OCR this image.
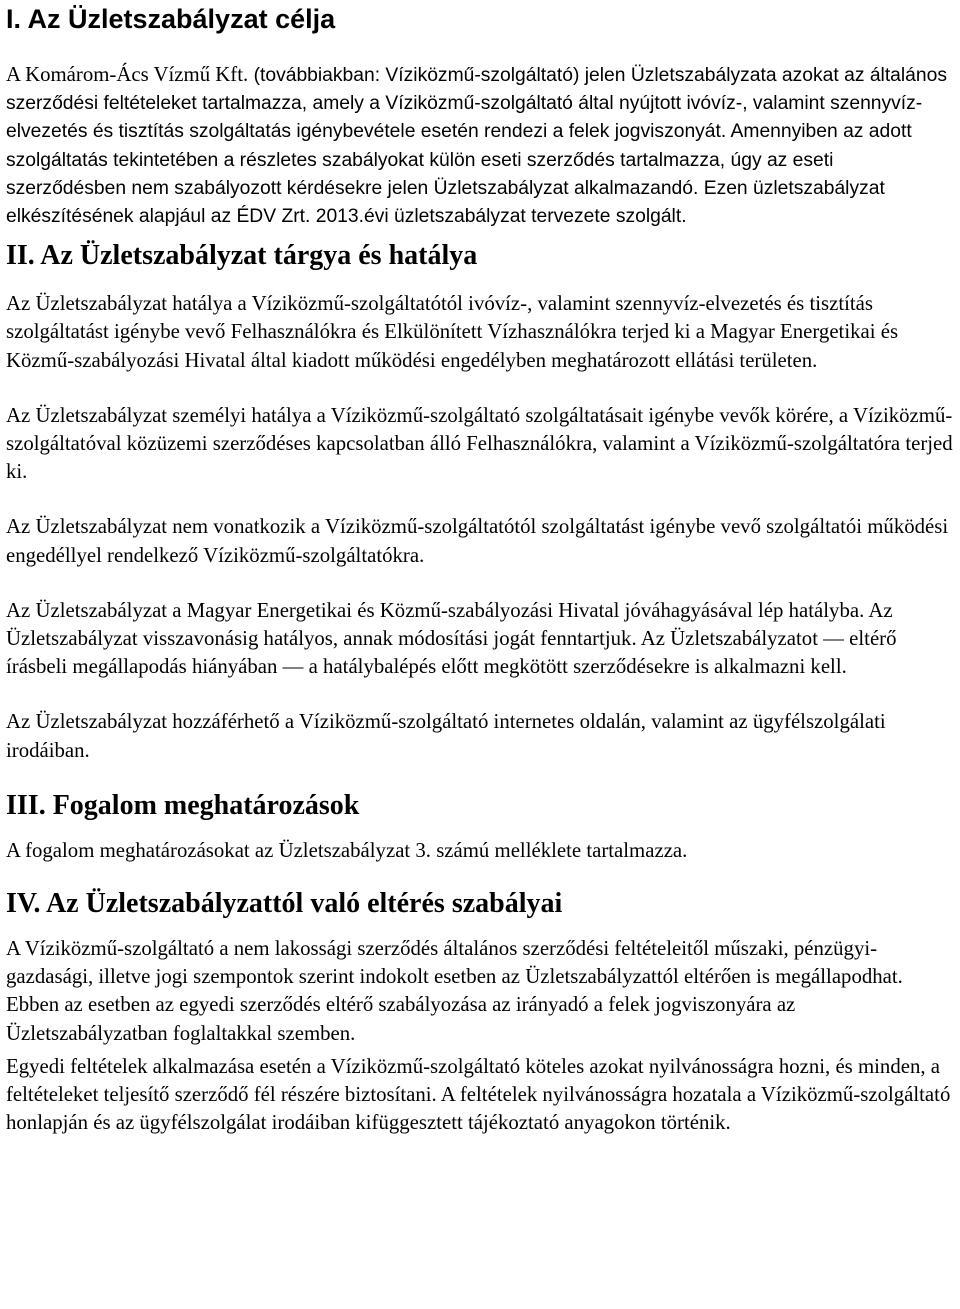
I. Az Üzletszabályzat célja

A Komárom-Ács Vízmű Kft. (továbbiakban: Víziközmű-szolgáltató) jelen Üzletszabályzata azokat az általános szerződési feltételeket tartalmazza, amely a Víziközmű-szolgáltató által nyújtott ivóvíz-, valamint szennyvíz-elvezetés és tisztítás szolgáltatás igénybevétele esetén rendezi a felek jogviszonyát. Amennyiben az adott szolgáltatás tekintetében a részletes szabályokat külön eseti szerződés tartalmazza, úgy az eseti szerződésben nem szabályozott kérdésekre jelen Üzletszabályzat alkalmazandó. Ezen üzletszabályzat elkészítésének alapjául az ÉDV Zrt. 2013.évi üzletszabályzat tervezete szolgált.

II. Az Üzletszabályzat tárgya és hatálya

Az Üzletszabályzat hatálya a Víziközmű-szolgáltatótól ivóvíz-, valamint szennyvíz-elvezetés és tisztítás szolgáltatást igénybe vevő Felhasználókra és Elkülönített Vízhasználókra terjed ki a Magyar Energetikai és Közmű-szabályozási Hivatal által kiadott működési engedélyben meghatározott ellátási területen.

Az Üzletszabályzat személyi hatálya a Víziközmű-szolgáltató szolgáltatásait igénybe vevők körére, a Víziközmű-szolgáltatóval közüzemi szerződéses kapcsolatban álló Felhasználókra, valamint a Víziközmű-szolgáltatóra terjed ki.

Az Üzletszabályzat nem vonatkozik a Víziközmű-szolgáltatótól szolgáltatást igénybe vevő szolgáltatói működési engedéllyel rendelkező Víziközmű-szolgáltatókra.

Az Üzletszabályzat a Magyar Energetikai és Közmű-szabályozási Hivatal jóváhagyásával lép hatályba. Az Üzletszabályzat visszavonásig hatályos, annak módosítási jogát fenntartjuk. Az Üzletszabályzatot ― eltérő írásbeli megállapodás hiányában ― a hatálybalépés előtt megkötött szerződésekre is alkalmazni kell.

Az Üzletszabályzat hozzáférhető a Víziközmű-szolgáltató internetes oldalán, valamint az ügyfélszolgálati irodáiban.

III. Fogalom meghatározások

A fogalom meghatározásokat az Üzletszabályzat 3. számú melléklete tartalmazza.

IV. Az Üzletszabályzattól való eltérés szabályai

A Víziközmű-szolgáltató a nem lakossági szerződés általános szerződési feltételeitől műszaki, pénzügyi-gazdasági, illetve jogi szempontok szerint indokolt esetben az Üzletszabályzattól eltérően is megállapodhat. Ebben az esetben az egyedi szerződés eltérő szabályozása az irányadó a felek jogviszonyára az Üzletszabályzatban foglaltakkal szemben.

Egyedi feltételek alkalmazása esetén a Víziközmű-szolgáltató köteles azokat nyilvánosságra hozni, és minden, a feltételeket teljesítő szerződő fél részére biztosítani. A feltételek nyilvánosságra hozatala a Víziközmű-szolgáltató honlapján és az ügyfélszolgálat irodáiban kifüggesztett tájékoztató anyagokon történik.
